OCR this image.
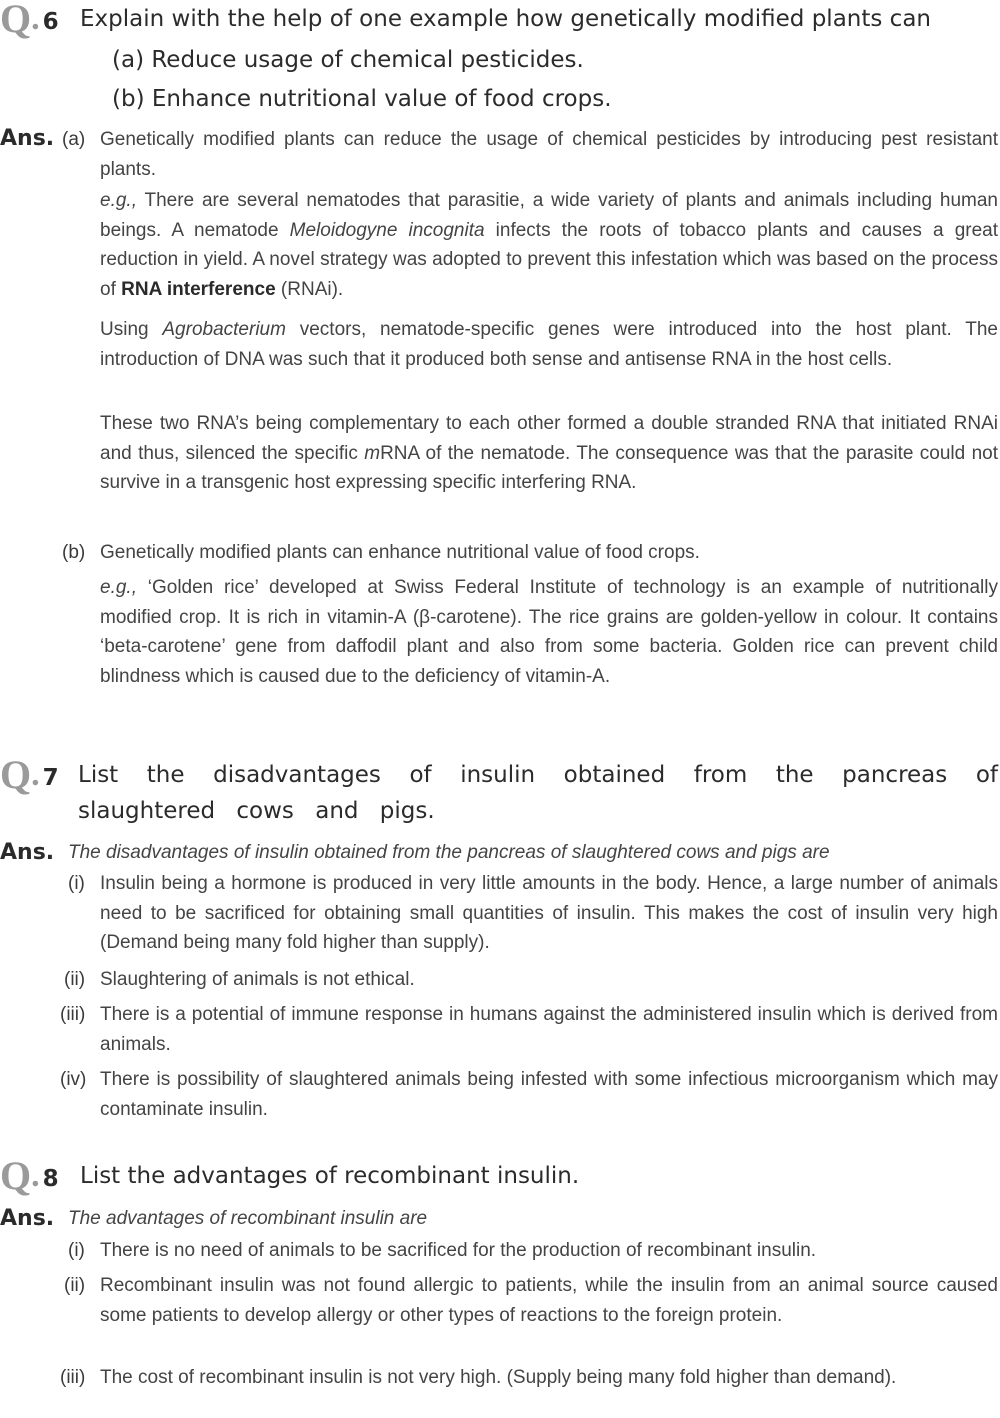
Q. 6 Explain with the help of one example how genetically modified plants can
(a) Reduce usage of chemical pesticides.
(b) Enhance nutritional value of food crops.
Ans. (a) Genetically modified plants can reduce the usage of chemical pesticides by introducing pest resistant plants.
e.g., There are several nematodes that parasitie, a wide variety of plants and animals including human beings. A nematode Meloidogyne incognita infects the roots of tobacco plants and causes a great reduction in yield. A novel strategy was adopted to prevent this infestation which was based on the process of RNA interference (RNAi).
Using Agrobacterium vectors, nematode-specific genes were introduced into the host plant. The introduction of DNA was such that it produced both sense and antisense RNA in the host cells.
These two RNA’s being complementary to each other formed a double stranded RNA that initiated RNAi and thus, silenced the specific mRNA of the nematode. The consequence was that the parasite could not survive in a transgenic host expressing specific interfering RNA.
(b) Genetically modified plants can enhance nutritional value of food crops.
e.g., ‘Golden rice’ developed at Swiss Federal Institute of technology is an example of nutritionally modified crop. It is rich in vitamin-A (β-carotene). The rice grains are golden-yellow in colour. It contains ‘beta-carotene’ gene from daffodil plant and also from some bacteria. Golden rice can prevent child blindness which is caused due to the deficiency of vitamin-A.
Q. 7 List the disadvantages of insulin obtained from the pancreas of slaughtered cows and pigs.
Ans. The disadvantages of insulin obtained from the pancreas of slaughtered cows and pigs are
(i) Insulin being a hormone is produced in very little amounts in the body. Hence, a large number of animals need to be sacrificed for obtaining small quantities of insulin. This makes the cost of insulin very high (Demand being many fold higher than supply).
(ii) Slaughtering of animals is not ethical.
(iii) There is a potential of immune response in humans against the administered insulin which is derived from animals.
(iv) There is possibility of slaughtered animals being infested with some infectious microorganism which may contaminate insulin.
Q. 8 List the advantages of recombinant insulin.
Ans. The advantages of recombinant insulin are
(i) There is no need of animals to be sacrificed for the production of recombinant insulin.
(ii) Recombinant insulin was not found allergic to patients, while the insulin from an animal source caused some patients to develop allergy or other types of reactions to the foreign protein.
(iii) The cost of recombinant insulin is not very high. (Supply being many fold higher than demand).
